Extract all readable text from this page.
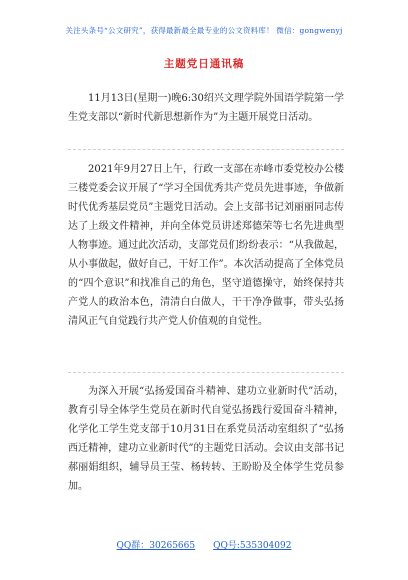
关注头条号“公文研究”，获得最新最全最专业的公文资料库！ 微信：gongwenyj
主题党日通讯稿

11月13日(星期一)晚6:30绍兴文理学院外国语学院第一学生党支部以“新时代新思想新作为”为主题开展党日活动。

2021年9月27日上午，行政一支部在赤峰市委党校办公楼三楼党委会议开展了“学习全国优秀共产党员先进事迹，争做新时代优秀基层党员”主题党日活动。会上支部书记刘丽丽同志传达了上级文件精神，并向全体党员讲述郑德荣等七名先进典型人物事迹。通过此次活动，支部党员们纷纷表示：“从我做起，从小事做起，做好自己，干好工作”。本次活动提高了全体党员的“四个意识”和找准自己的角色，坚守道德操守，始终保持共产党人的政治本色，清清白白做人，干干净净做事，带头弘扬清风正气自觉践行共产党人价值观的自觉性。

为深入开展“弘扬爱国奋斗精神、建功立业新时代”活动，教育引导全体学生党员在新时代自觉弘扬践行爱国奋斗精神，化学化工学生党支部于10月31日在系党员活动室组织了“弘扬西迁精神，建功立业新时代”的主题党日活动。会议由支部书记郝丽娟组织，辅导员王莹、杨转转、王盼盼及全体学生党员参加。

QQ群：30265665 QQ号:535304092
